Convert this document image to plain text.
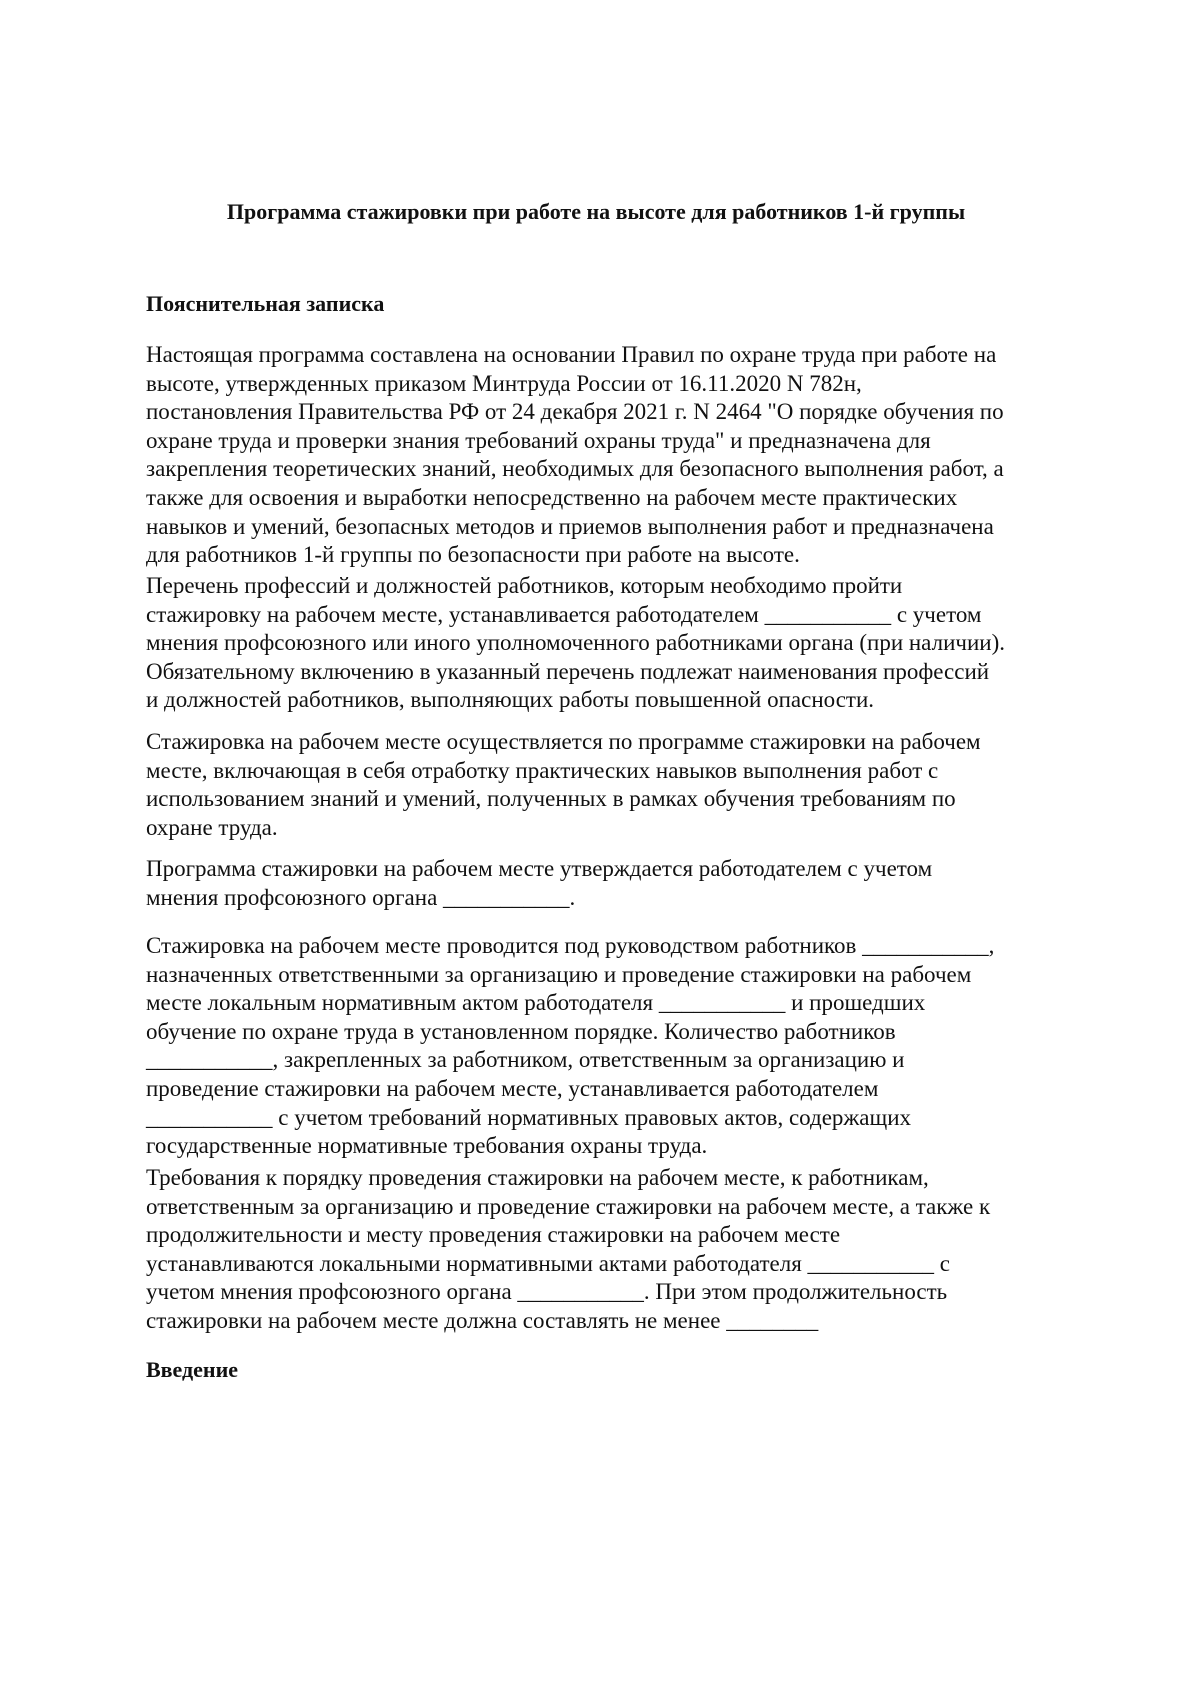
Программа стажировки при работе на высоте для работников 1-й группы
Пояснительная записка

Настоящая программа составлена на основании Правил по охране труда при работе на
высоте, утвержденных приказом Минтруда России от 16.11.2020 N 782н,
постановления Правительства РФ от 24 декабря 2021 г. N 2464 "О порядке обучения по
охране труда и проверки знания требований охраны труда" и предназначена для
закрепления теоретических знаний, необходимых для безопасного выполнения работ, а
также для освоения и выработки непосредственно на рабочем месте практических
навыков и умений, безопасных методов и приемов выполнения работ и предназначена
для работников 1-й группы по безопасности при работе на высоте.

Перечень профессий и должностей работников, которым необходимо пройти
стажировку на рабочем месте, устанавливается работодателем ___________ с учетом
мнения профсоюзного или иного уполномоченного работниками органа (при наличии).
Обязательному включению в указанный перечень подлежат наименования профессий
и должностей работников, выполняющих работы повышенной опасности.

Стажировка на рабочем месте осуществляется по программе стажировки на рабочем
месте, включающая в себя отработку практических навыков выполнения работ с
использованием знаний и умений, полученных в рамках обучения требованиям по
охране труда.

Программа стажировки на рабочем месте утверждается работодателем с учетом
мнения профсоюзного органа ___________.

Стажировка на рабочем месте проводится под руководством работников ___________,
назначенных ответственными за организацию и проведение стажировки на рабочем
месте локальным нормативным актом работодателя ___________ и прошедших
обучение по охране труда в установленном порядке. Количество работников
___________, закрепленных за работником, ответственным за организацию и
проведение стажировки на рабочем месте, устанавливается работодателем
___________ с учетом требований нормативных правовых актов, содержащих
государственные нормативные требования охраны труда.

Требования к порядку проведения стажировки на рабочем месте, к работникам,
ответственным за организацию и проведение стажировки на рабочем месте, а также к
продолжительности и месту проведения стажировки на рабочем месте
устанавливаются локальными нормативными актами работодателя ___________ с
учетом мнения профсоюзного органа ___________. При этом продолжительность
стажировки на рабочем месте должна составлять не менее ________

Введение
